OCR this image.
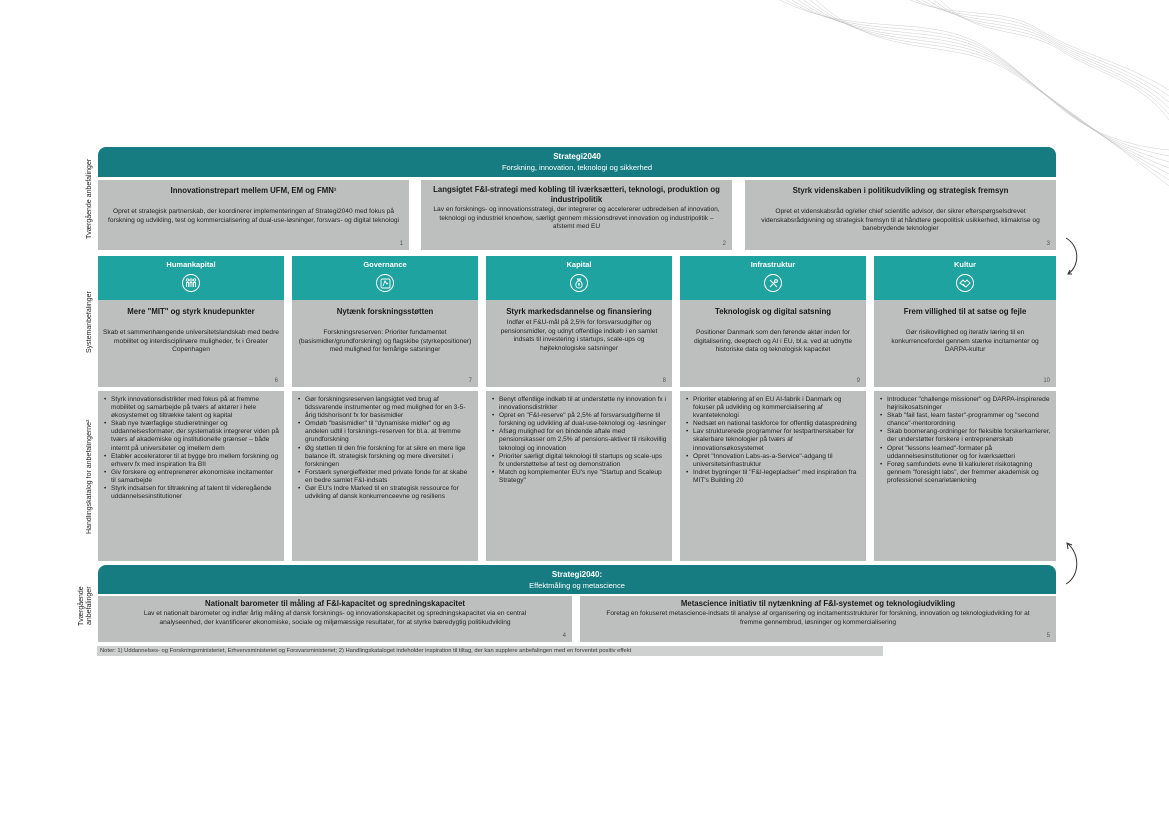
Tværgående anbefalinger
Systemanbefalinger
Handlingskatalog for anbefalingerne²
Tværgående anbefalinger
Strategi2040
Forskning, innovation, teknologi og sikkerhed
Innovationstrepart mellem UFM, EM og FMN¹
Opret et strategisk partnerskab, der koordinerer implementeringen af Strategi2040 med fokus på forskning og udvikling, test og kommercialisering af dual-use-løsninger, forsvars- og digital teknologi
1
Langsigtet F&I-strategi med kobling til iværksætteri, teknologi, produktion og industripolitik
Lav en forsknings- og innovationsstrategi, der integrerer og accelererer udbredelsen af innovation, teknologi og industriel knowhow, særligt gennem missionsdrevet innovation og industripolitik – afstemt med EU
2
Styrk videnskaben i politikudvikling og strategisk fremsyn
Opret et videnskabsråd og/eller chief scientific advisor, der sikrer efterspørgselsdrevet videnskabsrådgivning og strategisk fremsyn til at håndtere geopolitisk usikkerhed, klimakrise og banebrydende teknologier
3
Humankapital
Mere "MIT" og styrk knudepunkter
Skab et sammenhængende universitetslandskab med bedre mobilitet og interdisciplinære muligheder, fx i Greater Copenhagen
6
• Styrk innovationsdistrikter med fokus på at fremme mobilitet og samarbejde på tværs af aktører i hele økosystemet og tiltrække talent og kapital
• Skab nye tværfaglige studieretninger og uddannelsesformater, der systematisk integrerer viden på tværs af akademiske og institutionelle grænser – både internt på universiteter og imellem dem
• Etabler acceleratorer til at bygge bro mellem forskning og erhverv fx med inspiration fra BII
• Giv forskere og entreprenører økonomiske incitamenter til samarbejde
• Styrk indsatsen for tiltrækning af talent til videregående uddannelsesinstitutioner
Governance
Nytænk forskningsstøtten
Forskningsreserven: Prioriter fundamentet (basismidler/grundforskning) og flagskibe (styrkepositioner) med mulighed for femårige satsninger
7
• Gør forskningsreserven langsigtet ved brug af tidssvarende instrumenter og med mulighed for en 3-5-årig tidshorisont fx for basismidler
• Omdøb "basismidler" til "dynamiske midler" og øg andelen udtil i forsknings-reserven for bl.a. at fremme grundforskning
• Øg støtten til den frie forskning for at sikre en mere lige balance ift. strategisk forskning og mere diversitet i forskningen
• Forstærk synergieffekter med private fonde for at skabe en bedre samlet F&I-indsats
• Gør EU's Indre Marked til en strategisk ressource for udvikling af dansk konkurrenceevne og resiliens
Kapital
Styrk markedsdannelse og finansiering
Indfør et F&U-mål på 2,5% for forsvarsudgifter og pensionsmidler, og udnyt offentlige indkøb i en samlet indsats til investering i startups, scale-ups og højteknologiske satsninger
8
• Benyt offentlige indkøb til at understøtte ny innovation fx i innovationsdistrikter
• Opret en "F&I-reserve" på 2,5% af forsvarsudgifterne til forskning og udvikling af dual-use-teknologi og -løsninger
• Afsøg mulighed for en bindende aftale med pensionskasser om 2,5% af pensions-aktiver til risikovillig teknologi og innovation
• Prioriter særligt digital teknologi til startups og scale-ups fx understøttelse af test og demonstration
• Match og komplementer EU's nye "Startup and Scaleup Strategy"
Infrastruktur
Teknologisk og digital satsning
Positioner Danmark som den førende aktør inden for digitalisering, deeptech og AI i EU, bl.a. ved at udnytte historiske data og teknologisk kapacitet
9
• Prioriter etablering af en EU AI-fabrik i Danmark og fokuser på udvikling og kommercialisering af kvanteteknologi
• Nedsæt en national taskforce for offentlig dataspredning
• Lav strukturerede programmer for testpartnerskaber for skalerbare teknologier på tværs af innovationsøkosystemet
• Opret "Innovation Labs-as-a-Service"-adgang til universitetsinfrastruktur
• Indret bygninger til "F&I-legepladser" med inspiration fra MIT's Building 20
Kultur
Frem villighed til at satse og fejle
Gør risikovillighed og iterativ læring til en konkurrencefordel gennem stærke incitamenter og DARPA-kultur
10
• Introducer "challenge missioner" og DARPA-inspirerede højrisikosatsninger
• Skab "fail fast, learn faster"-programmer og "second chance"-mentorordning
• Skab boomerang-ordninger for fleksible forskerkarrierer, der understøtter forskere i entreprenørskab
• Opret "lessons learned"-formater på uddannelsesinstitutioner og for iværksætteri
• Forøg samfundets evne til kalkuleret risikotagning gennem "foresight labs", der fremmer akademisk og professionel scenarietænkning
Strategi2040:
Effektmåling og metascience
Nationalt barometer til måling af F&I-kapacitet og spredningskapacitet
Lav et nationalt barometer og indfør årlig måling af dansk forsknings- og innovationskapacitet og spredningskapacitet via en central analyseenhed, der kvantificerer økonomiske, sociale og miljømæssige resultater, for at styrke bæredygtig politikudvikling
4
Metascience initiativ til nytænkning af F&I-systemet og teknologiudvikling
Foretag en fokuseret metascience-indsats til analyse af organisering og incitamentsstrukturer for forskning, innovation og teknologiudvikling for at fremme gennembrud, løsninger og kommercialisering
5
Noter: 1) Uddannelses- og Forskningsministeriet, Erhvervsministeriet og Forsvarsministeriet; 2) Handlingskataloget indeholder inspiration til tiltag, der kan supplere anbefalingen med en forventet positiv effekt
